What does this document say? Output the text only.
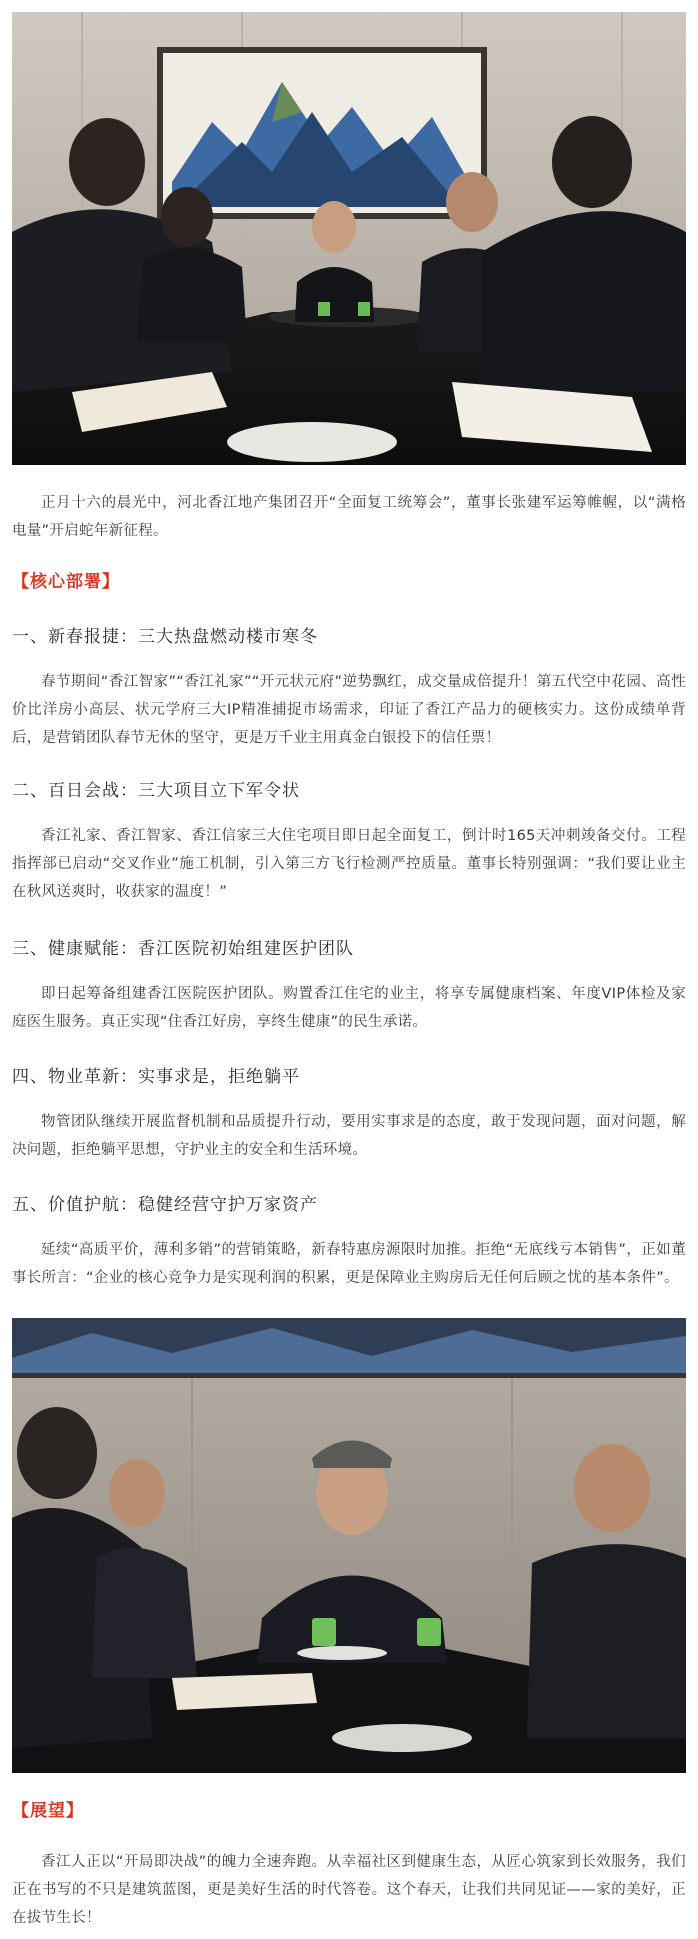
正月十六的晨光中，河北香江地产集团召开“全面复工统筹会”，董事长张建军运筹帷幄，以“满格电量”开启蛇年新征程。

【核心部署】

一、新春报捷：三大热盘燃动楼市寒冬

春节期间“香江智家”“香江礼家”“开元状元府”逆势飘红，成交量成倍提升！第五代空中花园、高性价比洋房小高层、状元学府三大IP精准捕捉市场需求，印证了香江产品力的硬核实力。这份成绩单背后，是营销团队春节无休的坚守，更是万千业主用真金白银投下的信任票！

二、百日会战：三大项目立下军令状

香江礼家、香江智家、香江信家三大住宅项目即日起全面复工，倒计时165天冲刺竣备交付。工程指挥部已启动“交叉作业”施工机制，引入第三方飞行检测严控质量。董事长特别强调：“我们要让业主在秋风送爽时，收获家的温度！”

三、健康赋能：香江医院初始组建医护团队

即日起筹备组建香江医院医护团队。购置香江住宅的业主，将享专属健康档案、年度VIP体检及家庭医生服务。真正实现“住香江好房，享终生健康”的民生承诺。

四、物业革新：实事求是，拒绝躺平

物管团队继续开展监督机制和品质提升行动，要用实事求是的态度，敢于发现问题，面对问题，解决问题，拒绝躺平思想，守护业主的安全和生活环境。

五、价值护航：稳健经营守护万家资产

延续“高质平价，薄利多销”的营销策略，新春特惠房源限时加推。拒绝“无底线亏本销售”，正如董事长所言：“企业的核心竞争力是实现利润的积累，更是保障业主购房后无任何后顾之忧的基本条件”。

【展望】

香江人正以“开局即决战”的魄力全速奔跑。从幸福社区到健康生态，从匠心筑家到长效服务，我们正在书写的不只是建筑蓝图，更是美好生活的时代答卷。这个春天，让我们共同见证——家的美好，正在拔节生长！
